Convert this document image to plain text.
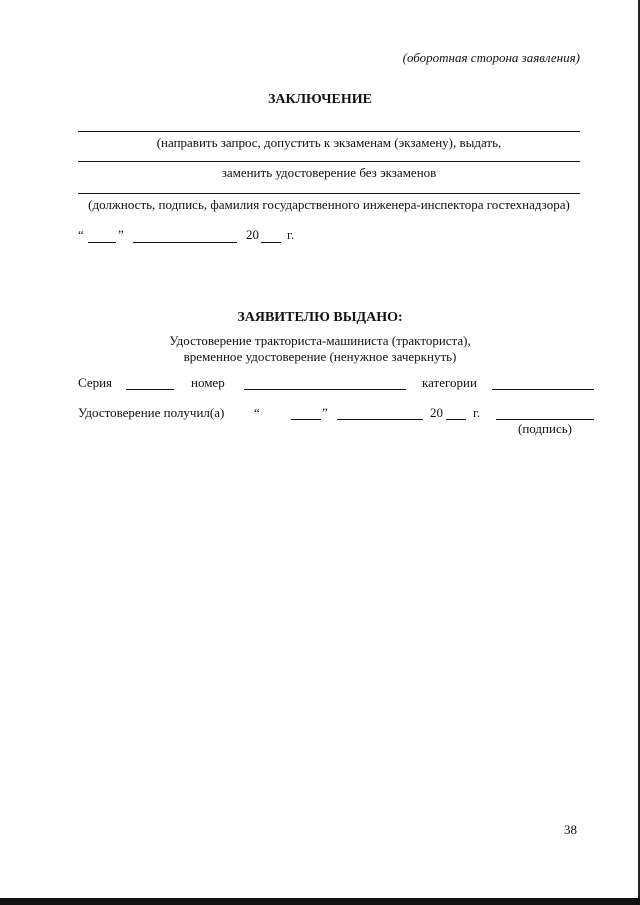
(оборотная сторона заявления)
ЗАКЛЮЧЕНИЕ
(направить запрос, допустить к экзаменам (экзамену), выдать,
заменить удостоверение без экзаменов
(должность, подпись, фамилия государственного инженера-инспектора гостехнадзора)
“	”	20 г.
ЗАЯВИТЕЛЮ ВЫДАНО:
Удостоверение тракториста-машиниста (тракториста),
временное удостоверение (ненужное зачеркнуть)
Серия	номер	категории
Удостоверение получил(а) “	”	20 г.
(подпись)
38
